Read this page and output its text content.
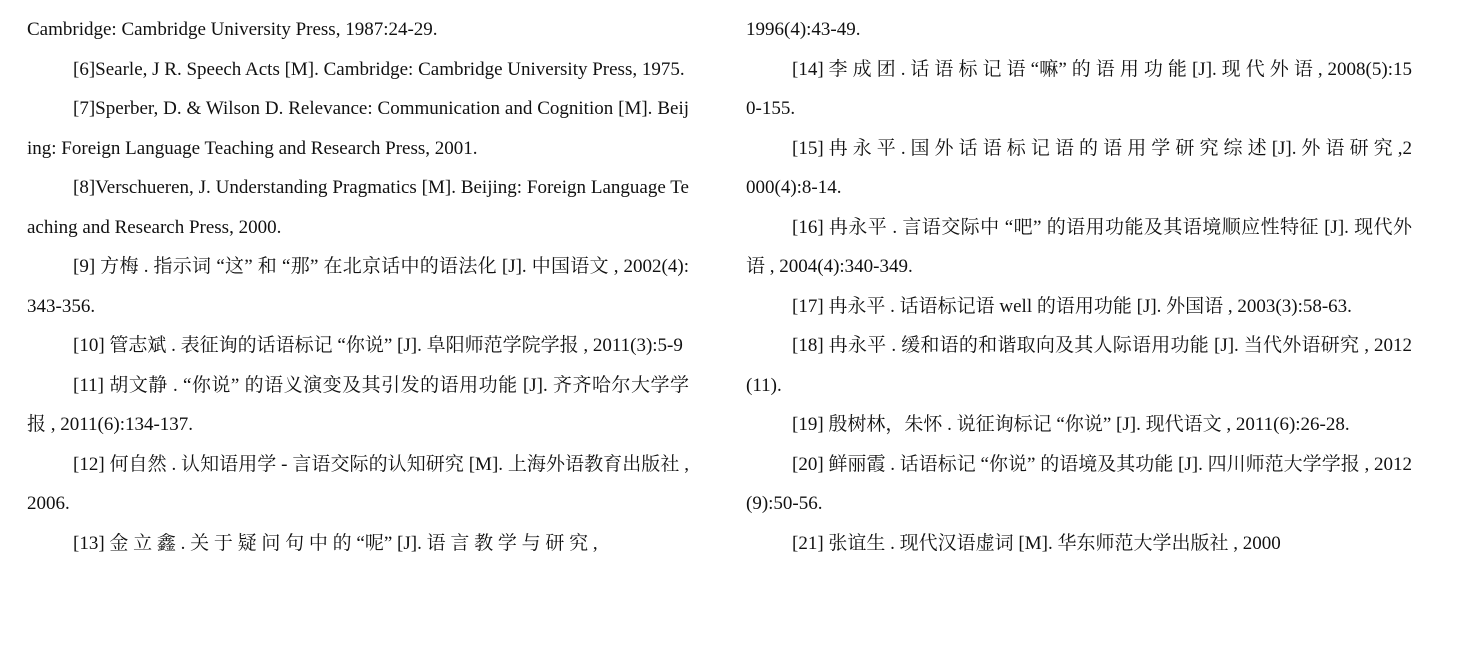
Cambridge: Cambridge University Press, 1987:24-29.

[6]Searle, J R. Speech Acts [M]. Cambridge: Cambridge University Press, 1975.

[7]Sperber, D. & Wilson D. Relevance: Communication and Cognition [M]. Beijing: Foreign Language Teaching and Research Press, 2001.

[8]Verschueren, J. Understanding Pragmatics [M]. Beijing: Foreign Language Teaching and Research Press, 2000.

[9] 方梅 . 指示词 “这” 和 “那” 在北京话中的语法化 [J]. 中国语文 , 2002(4):343-356.

[10] 管志斌 . 表征询的话语标记 “你说” [J]. 阜阳师范学院学报 , 2011(3):5-9

[11] 胡文静 . “你说” 的语义演变及其引发的语用功能 [J]. 齐齐哈尔大学学报 , 2011(6):134-137.

[12] 何自然 . 认知语用学 - 言语交际的认知研究 [M]. 上海外语教育出版社 , 2006.

[13] 金 立 鑫 . 关 于 疑 问 句 中 的 “呢” [J]. 语 言 教 学 与 研 究 ,

1996(4):43-49.

[14] 李 成 团 . 话 语 标 记 语 “嘛” 的 语 用 功 能 [J]. 现 代 外 语 , 2008(5):150-155.

[15] 冉 永 平 . 国 外 话 语 标 记 语 的 语 用 学 研 究 综 述 [J]. 外 语 研 究 ,2000(4):8-14.

[16] 冉永平 . 言语交际中 “吧” 的语用功能及其语境顺应性特征 [J]. 现代外语 , 2004(4):340-349.

[17] 冉永平 . 话语标记语 well 的语用功能 [J]. 外国语 , 2003(3):58-63.

[18] 冉永平 . 缓和语的和谐取向及其人际语用功能 [J]. 当代外语研究 , 2012(11).

[19] 殷树林，朱怀 . 说征询标记 “你说” [J]. 现代语文 , 2011(6):26-28.

[20] 鲜丽霞 . 话语标记 “你说” 的语境及其功能 [J]. 四川师范大学学报 , 2012(9):50-56.

[21] 张谊生 . 现代汉语虚词 [M]. 华东师范大学出版社 , 2000
